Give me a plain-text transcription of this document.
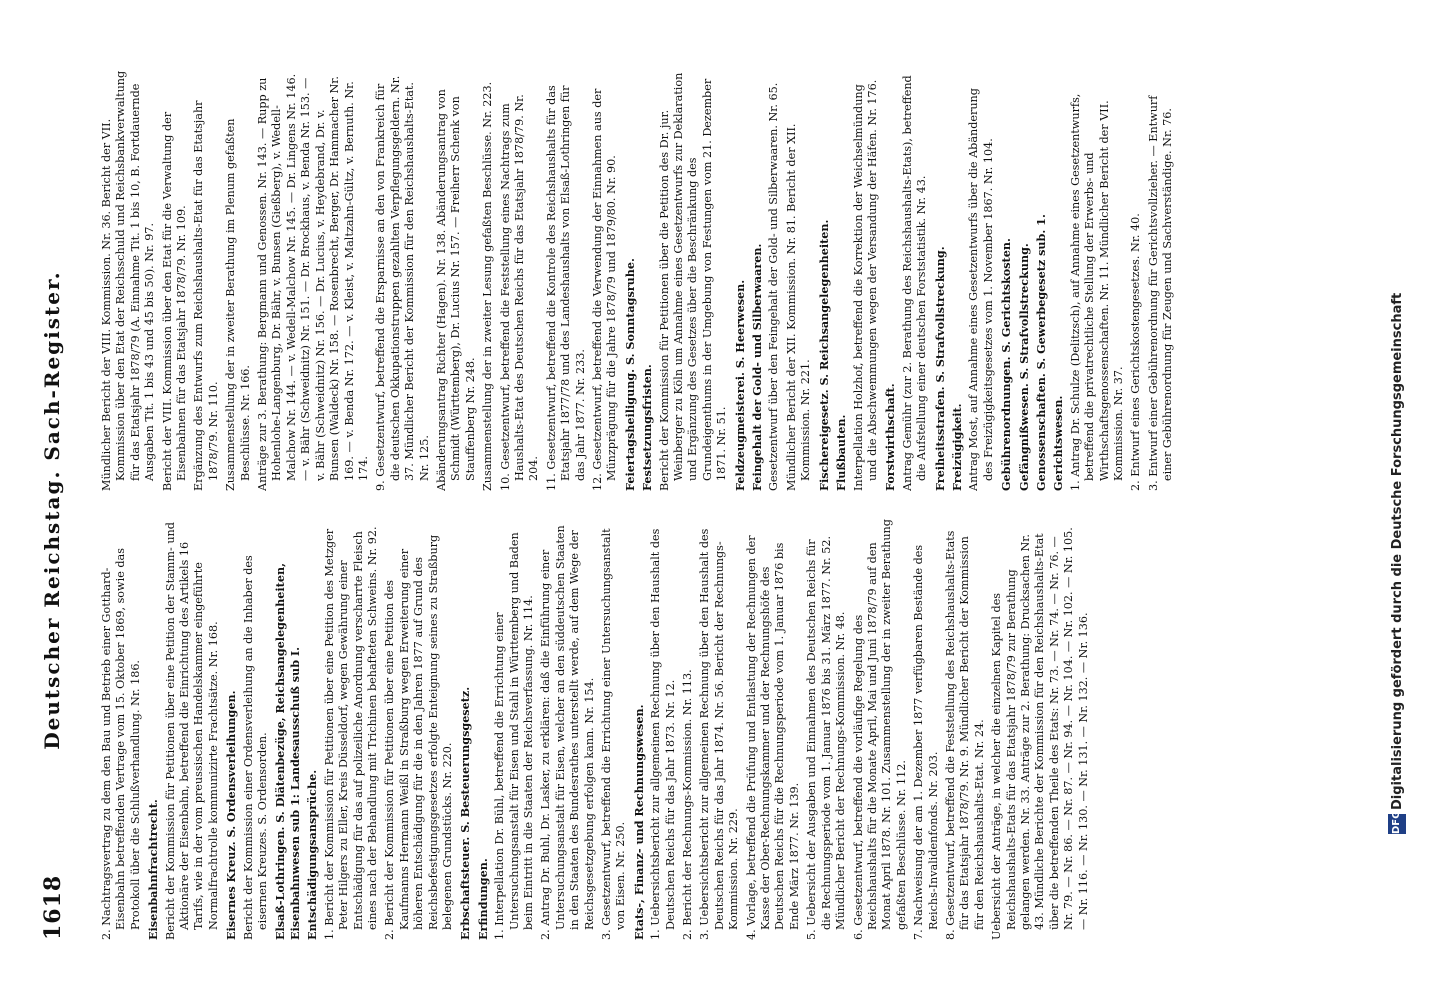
1618
Deutscher Reichstag. Sach-Register.

2. Nachtragsvertrag zu dem den Bau und Betrieb einer Gotthard-Eisenbahn betreffenden Vertrage vom 15. Oktober 1869, sowie das Protokoll über die Schlußverhandlung. Nr. 186. Eisenbahnfrachtrecht. Bericht der Kommission für Petitionen über eine Petition der Stamm- und Aktionäre der Eisenbahn, betreffend die Einrichtung des Artikels 16 Tarifs, wie in der vom preussischen Handelskammer eingeführte Normalfrachtrolle kommunizirte Frachtsätze. Nr. 168. Eisernes Kreuz. S. Ordensverleihungen. Bericht der Kommission einer Ordensverleihung an die Inhaber des eisernen Kreuzes. S. Ordensorden. Elsaß-Lothringen. S. Diätenbezüge, Reichsangelegenheiten, Eisenbahnwesen sub 1: Landesausschuß sub I. Entschädigungsansprüche. 1. Bericht der Kommission für Petitionen über eine Petition des Metzger Peter Hilgers zu Eller, Kreis Düsseldorf, wegen Gewährung einer Entschädigung für das auf polizeiliche Anordnung verscharrte Fleisch eines nach der Behandlung mit Trichinen behafteten Schweins. Nr. 92. 2. Bericht der Kommission für Petitionen über eine Petition des Kaufmanns Hermann Weißl in Straßburg wegen Erweiterung einer höheren Entschädigung für die in den Jahren 1877 auf Grund des Reichsbefestigungsgesetzes erfolgte Enteignung seines zu Straßburg belegenen Grundstücks. Nr. 220. Erbschaftsteuer. S. Besteuerungsgesetz. Erfindungen. 1. Interpellation Dr. Bühl, betreffend die Errichtung einer Untersuchungsanstalt für Eisen und Stahl in Württemberg und Baden beim Eintritt in die Staaten der Reichsverfassung. Nr. 114. 2. Antrag Dr. Buhl, Dr. Lasker, zu erklären: daß die Einführung einer Untersuchungsanstalt für Eisen, welcher an den süddeutschen Staaten in den Staaten des Bundesrathes unterstellt werde, auf dem Wege der Reichsgesetzgebung erfolgen kann. Nr. 154. 3. Gesetzentwurf, betreffend die Errichtung einer Untersuchungsanstalt von Eisen. Nr. 250. Etats-, Finanz- und Rechnungswesen. 1. Uebersichtsbericht zur allgemeinen Rechnung über den Haushalt des Deutschen Reichs für das Jahr 1873. Nr. 12. 2. Bericht der Rechnungs-Kommission. Nr. 113. 3. Uebersichtsbericht zur allgemeinen Rechnung über den Haushalt des Deutschen Reichs für das Jahr 1874. Nr. 56. Bericht der Rechnungs-Kommission. Nr. 229. 4. Vorlage, betreffend die Prüfung und Entlastung der Rechnungen der Kasse der Ober-Rechnungskammer und der Rechnungshöfe des Deutschen Reichs für die Rechnungsperiode vom 1. Januar 1876 bis Ende März 1877. Nr. 139. 5. Uebersicht der Ausgaben und Einnahmen des Deutschen Reichs für die Rechnungsperiode vom 1. Januar 1876 bis 31. März 1877. Nr. 52. Mündlicher Bericht der Rechnungs-Kommission. Nr. 48. 6. Gesetzentwurf, betreffend die vorläufige Regelung des Reichshaushalts für die Monate April, Mai und Juni 1878/79 auf den Monat April 1878. Nr. 101. Zusammenstellung der in zweiter Berathung gefaßten Beschlüsse. Nr. 112. 7. Nachweisung der am 1. Dezember 1877 verfügbaren Bestände des Reichs-Invalidenfonds. Nr. 203. 8. Gesetzentwurf, betreffend die Feststellung des Reichshaushalts-Etats für das Etatsjahr 1878/79. Nr. 9. Mündlicher Bericht der Kommission für den Reichshaushalts-Etat. Nr. 24. Uebersicht der Anträge, in welcher die einzelnen Kapitel des Reichshaushalts-Etats für das Etatsjahr 1878/79 zur Berathung gelangen werden. Nr. 33. Anträge zur 2. Berathung: Drucksachen Nr. 43. Mündliche Berichte der Kommission für den Reichshaushalts-Etat über die betreffenden Theile des Etats: Nr. 73. — Nr. 74. — Nr. 76. — Nr. 79. — Nr. 86. — Nr. 87. — Nr. 94. — Nr. 104. — Nr. 102. — Nr. 105. — Nr. 116. — Nr. 130. — Nr. 131. — Nr. 132. — Nr. 136.

Mündlicher Bericht der VIII. Kommission. Nr. 36. Bericht der VII. Kommission über den Etat der Reichsschuld und Reichsbankverwaltung für das Etatsjahr 1878/79 (A. Einnahme Tit. 1 bis 10, B. Fortdauernde Ausgaben Tit. 1 bis 43 und 45 bis 50). Nr. 97. Bericht der VIII. Kommission über den Etat für die Verwaltung der Eisenbahnen für das Etatsjahr 1878/79. Nr. 109. Ergänzung des Entwurfs zum Reichshaushalts-Etat für das Etatsjahr 1878/79. Nr. 110. Zusammenstellung der in zweiter Berathung im Plenum gefaßten Beschlüsse. Nr. 166. Anträge zur 3. Berathung: Bergmann und Genossen. Nr. 143. — Rupp zu Hohenlohe-Langenburg, Dr. Bähr, v. Bunsen (Gießberg), v. Wedell-Malchow Nr. 144. — v. Wedell-Malchow Nr. 145. — Dr. Lingens Nr. 146. — v. Bähr (Schweidnitz) Nr. 151. — Dr. Brockhaus, v. Benda Nr. 153. — v. Bähr (Schweidnitz) Nr. 156. — Dr. Lucius, v. Heydebrand, Dr. v. Bunsen (Waldeck) Nr. 158. — Rosenbrecht, Berger, Dr. Hammacher Nr. 169. — v. Benda Nr. 172. — v. Kleist, v. Maltzahn-Gültz, v. Bernuth. Nr. 174. 9. Gesetzentwurf, betreffend die Ersparnisse an den von Frankreich für die deutschen Okkupationstruppen gezahlten Verpflegungsgeldern. Nr. 37. Mündlicher Bericht der Kommission für den Reichshaushalts-Etat. Nr. 125. Abänderungsantrag Richter (Hagen). Nr. 138. Abänderungsantrag von Schmidt (Württemberg), Dr. Lucius Nr. 157. — Freiherr Schenk von Stauffenberg Nr. 248. Zusammenstellung der in zweiter Lesung gefaßten Beschlüsse. Nr. 223. 10. Gesetzentwurf, betreffend die Feststellung eines Nachtrags zum Haushalts-Etat des Deutschen Reichs für das Etatsjahr 1878/79. Nr. 204. 11. Gesetzentwurf, betreffend die Kontrole des Reichshaushalts für das Etatsjahr 1877/78 und des Landeshaushalts von Elsaß-Lothringen für das Jahr 1877. Nr. 233. 12. Gesetzentwurf, betreffend die Verwendung der Einnahmen aus der Münzprägung für die Jahre 1878/79 und 1879/80. Nr. 90. Feiertagsheiligung. S. Sonntagsruhe. Festsetzungsfristen. Bericht der Kommission für Petitionen über die Petition des Dr. jur. Weinberger zu Köln um Annahme eines Gesetzentwurfs zur Deklaration und Ergänzung des Gesetzes über die Beschränkung des Grundeigenthums in der Umgebung von Festungen vom 21. Dezember 1871. Nr. 51. Feldzeugmeisterei. S. Heerwesen. Feingehalt der Gold- und Silberwaaren. Gesetzentwurf über den Feingehalt der Gold- und Silberwaaren. Nr. 65. Mündlicher Bericht der XII. Kommission. Nr. 81. Bericht der XII. Kommission. Nr. 221. Fischereigesetz. S. Reichsangelegenheiten. Flußbauten. Interpellation Holzhof, betreffend die Korrektion der Weichselmündung und die Abschwemmungen wegen der Versandung der Häfen. Nr. 176. Forstwirthschaft. Antrag Gemühr (zur 2. Berathung des Reichshaushalts-Etats), betreffend die Aufstellung einer deutschen Forststatistik. Nr. 43. Freiheitsstrafen. S. Strafvollstreckung. Freizügigkeit. Antrag Most, auf Annahme eines Gesetzentwurfs über die Abänderung des Freizügigkeitsgesetzes vom 1. November 1867. Nr. 104. Gebührenordnungen. S. Gerichtskosten. Gefängnißwesen. S. Strafvollstreckung. Genossenschaften. S. Gewerbegesetz sub. 1. Gerichtswesen. 1. Antrag Dr. Schulze (Delitzsch), auf Annahme eines Gesetzentwurfs, betreffend die privatrechtliche Stellung der Erwerbs- und Wirthschaftsgenossenschaften. Nr. 11. Mündlicher Bericht der VII. Kommission. Nr. 37. 2. Entwurf eines Gerichtskostengesetzes. Nr. 40. 3. Entwurf einer Gebührenordnung für Gerichtsvollzieher. — Entwurf einer Gebührenordnung für Zeugen und Sachverständige. Nr. 76.

DFG
Digitalisierung gefördert durch die Deutsche Forschungsgemeinschaft
